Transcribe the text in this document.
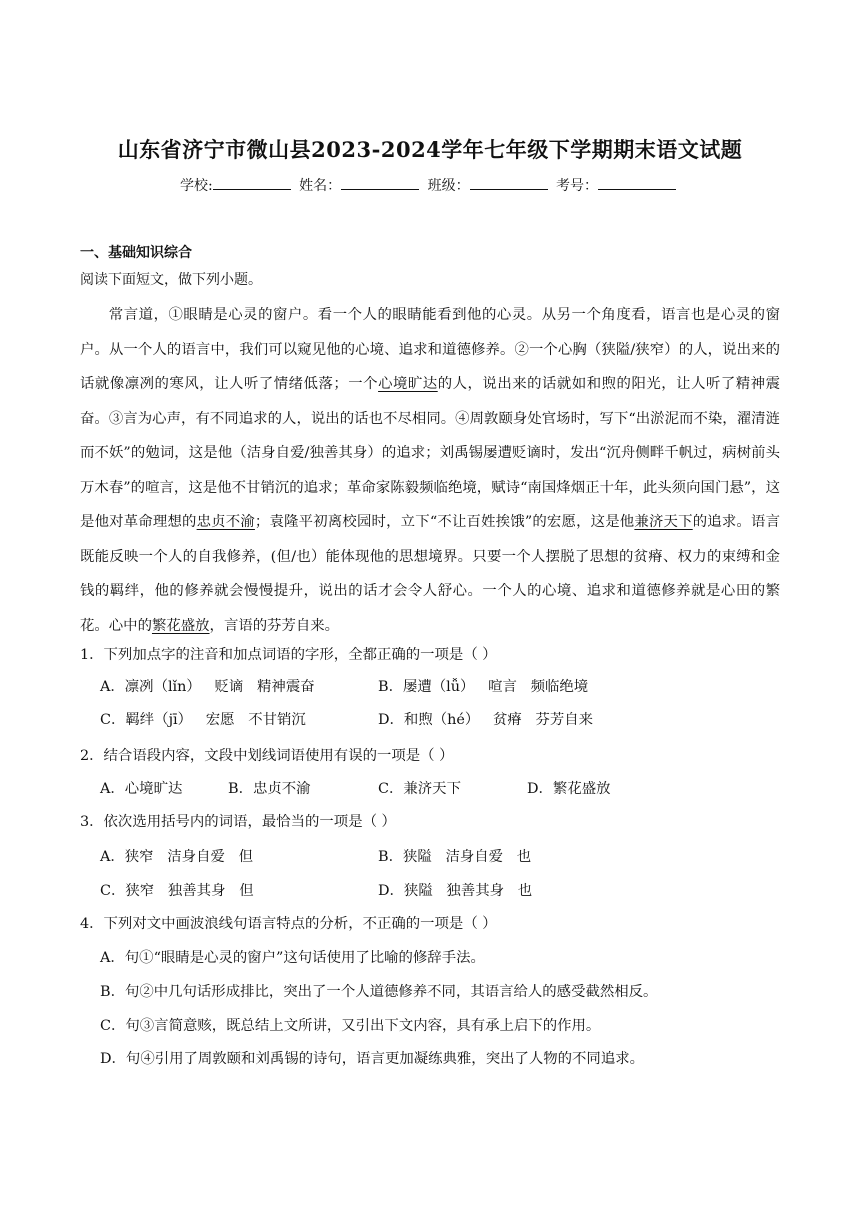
山东省济宁市微山县2023-2024学年七年级下学期期末语文试题
学校:	姓名：	班级：	考号：
一、基础知识综合
阅读下面短文，做下列小题。
常言道，①眼睛是心灵的窗户。看一个人的眼睛能看到他的心灵。从另一个角度看，语言也是心灵的窗户。从一个人的语言中，我们可以窥见他的心境、追求和道德修养。②一个心胸（狭隘/狭窄）的人，说出来的话就像凛冽的寒风，让人听了情绪低落；一个心境旷达的人，说出来的话就如和煦的阳光，让人听了精神震奋。③言为心声，有不同追求的人，说出的话也不尽相同。④周敦颐身处官场时，写下“出淤泥而不染，濯清涟而不妖”的勉词，这是他（洁身自爱/独善其身）的追求；刘禹锡屡遭贬谪时，发出“沉舟侧畔千帆过，病树前头万木春”的喧言，这是他不甘销沉的追求；革命家陈毅频临绝境，赋诗“南国烽烟正十年，此头须向国门悬”，这是他对革命理想的忠贞不渝；袁隆平初离校园时，立下“不让百姓挨饿”的宏愿，这是他兼济天下的追求。语言既能反映一个人的自我修养，(但/也）能体现他的思想境界。只要一个人摆脱了思想的贫瘠、权力的束缚和金钱的羁绊，他的修养就会慢慢提升，说出的话才会令人舒心。一个人的心境、追求和道德修养就是心田的繁花。心中的繁花盛放，言语的芬芳自来。
1．下列加点字的注音和加点词语的字形，全都正确的一项是（ ）
A．凛冽（lǐn）   贬谪   精神震奋	B．屡遭（lǚ）   喧言   频临绝境
C．羁绊（jī）   宏愿   不甘销沉	D．和煦（hé）   贫瘠   芬芳自来
2．结合语段内容，文段中划线词语使用有误的一项是（ ）
A．心境旷达	B．忠贞不渝	C．兼济天下	D．繁花盛放
3．依次选用括号内的词语，最恰当的一项是（ ）
A．狭窄   洁身自爱   但	B．狭隘   洁身自爱   也
C．狭窄   独善其身   但	D．狭隘   独善其身   也
4．下列对文中画波浪线句语言特点的分析，不正确的一项是（ ）
A．句①“眼睛是心灵的窗户”这句话使用了比喻的修辞手法。
B．句②中几句话形成排比，突出了一个人道德修养不同，其语言给人的感受截然相反。
C．句③言简意赅，既总结上文所讲，又引出下文内容，具有承上启下的作用。
D．句④引用了周敦颐和刘禹锡的诗句，语言更加凝练典雅，突出了人物的不同追求。
